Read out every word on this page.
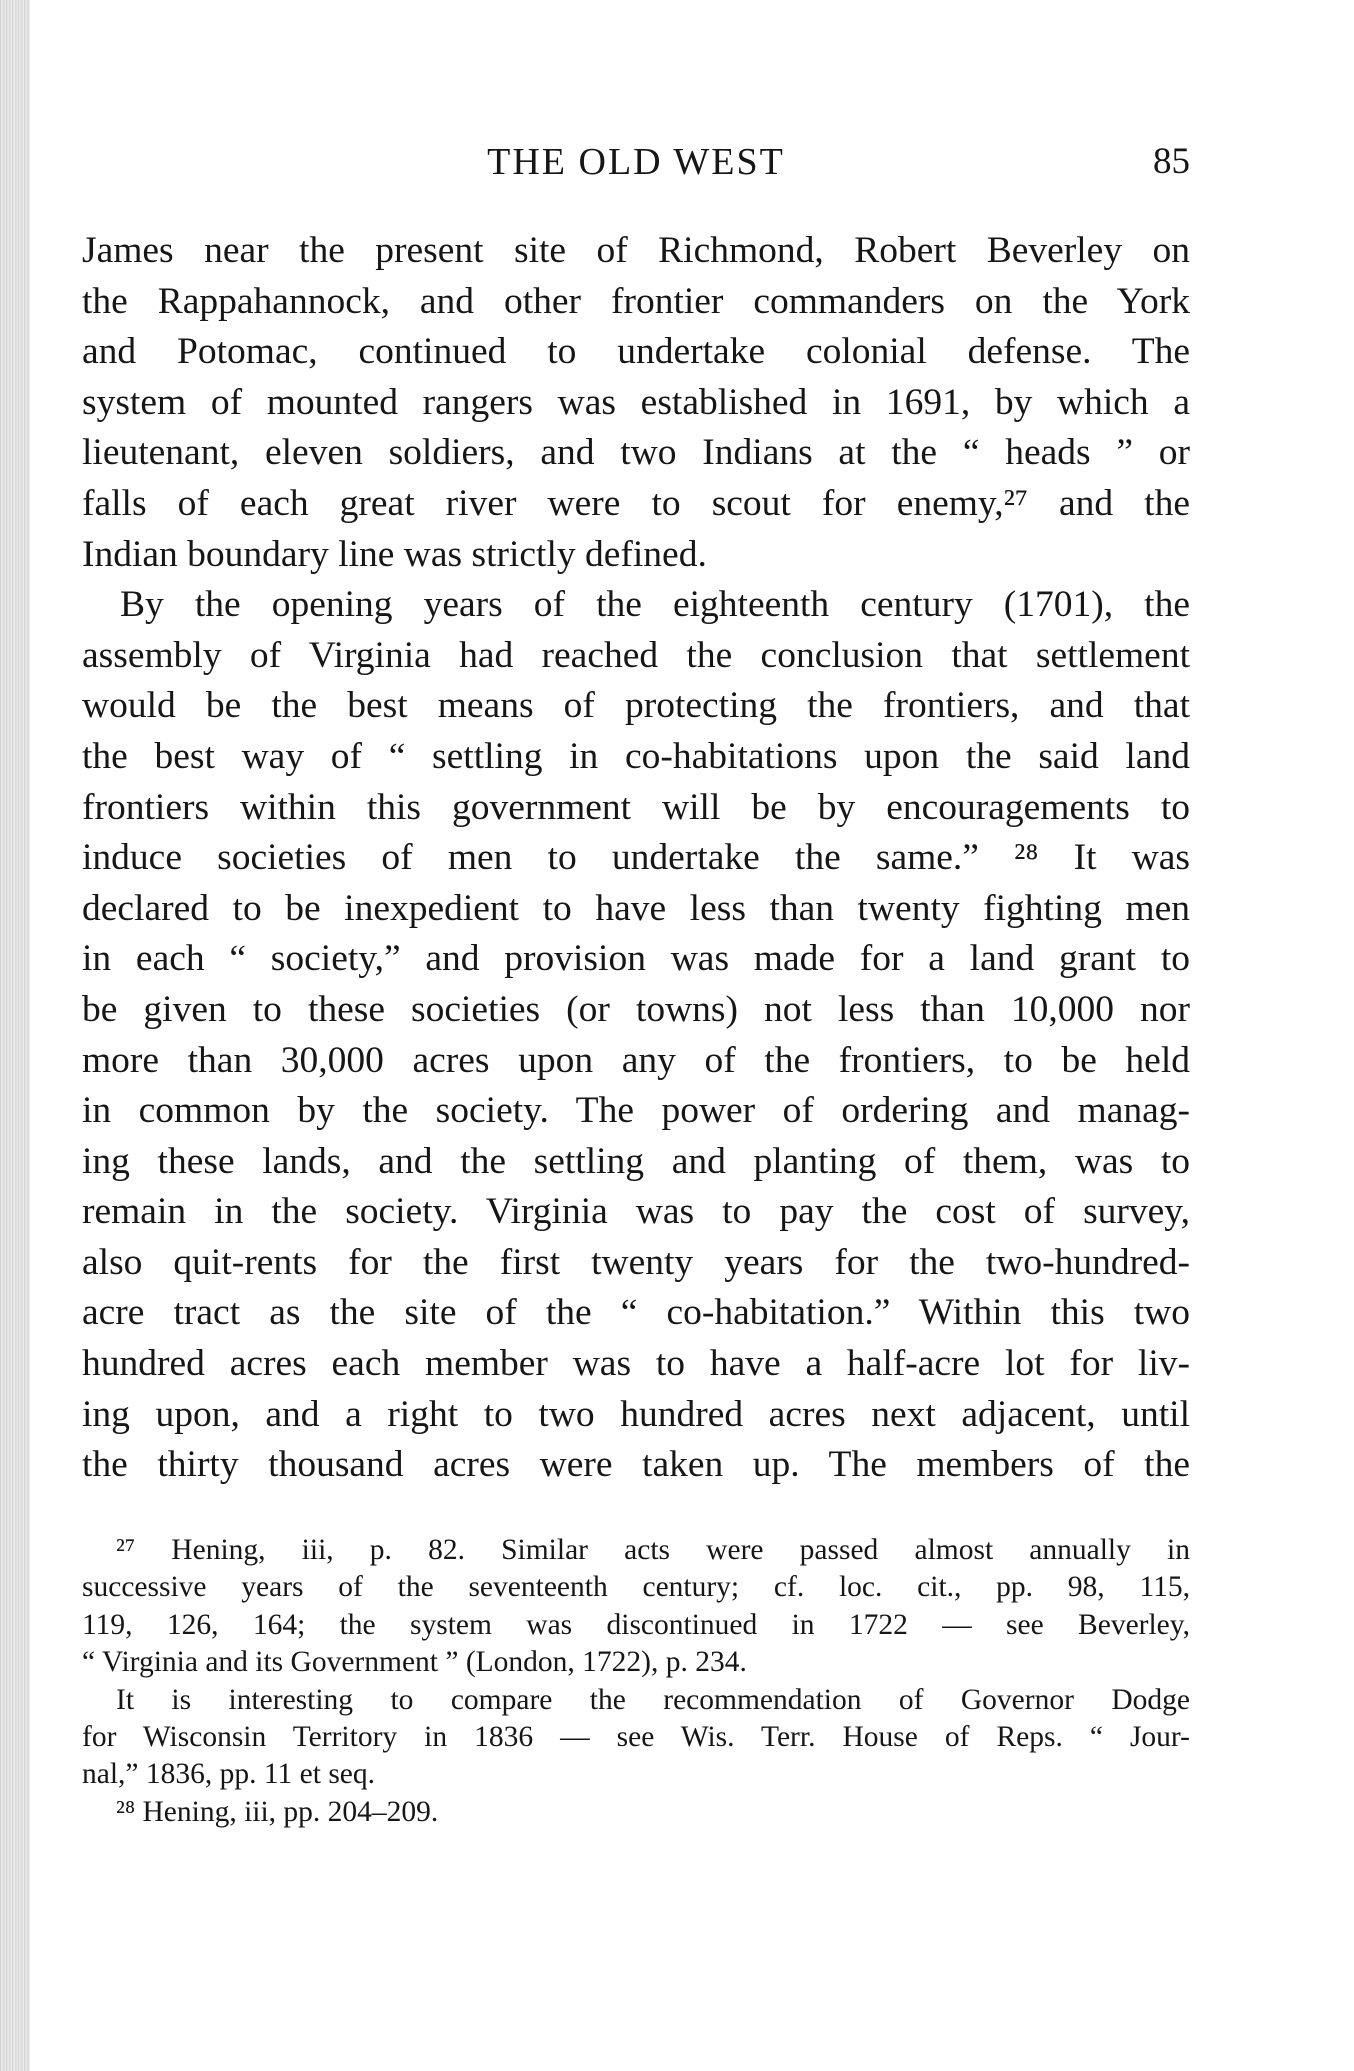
THE OLD WEST	85
James near the present site of Richmond, Robert Beverley on
the Rappahannock, and other frontier commanders on the York
and Potomac, continued to undertake colonial defense. The
system of mounted rangers was established in 1691, by which a
lieutenant, eleven soldiers, and two Indians at the “ heads ” or
falls of each great river were to scout for enemy,²⁷ and the
Indian boundary line was strictly defined.
By the opening years of the eighteenth century (1701), the
assembly of Virginia had reached the conclusion that settlement
would be the best means of protecting the frontiers, and that
the best way of “ settling in co-habitations upon the said land
frontiers within this government will be by encouragements to
induce societies of men to undertake the same.” ²⁸ It was
declared to be inexpedient to have less than twenty fighting men
in each “ society,” and provision was made for a land grant to
be given to these societies (or towns) not less than 10,000 nor
more than 30,000 acres upon any of the frontiers, to be held
in common by the society. The power of ordering and manag-
ing these lands, and the settling and planting of them, was to
remain in the society. Virginia was to pay the cost of survey,
also quit-rents for the first twenty years for the two-hundred-
acre tract as the site of the “ co-habitation.” Within this two
hundred acres each member was to have a half-acre lot for liv-
ing upon, and a right to two hundred acres next adjacent, until
the thirty thousand acres were taken up. The members of the
²⁷ Hening, iii, p. 82. Similar acts were passed almost annually in
successive years of the seventeenth century; cf. loc. cit., pp. 98, 115,
119, 126, 164; the system was discontinued in 1722 — see Beverley,
“ Virginia and its Government ” (London, 1722), p. 234.
It is interesting to compare the recommendation of Governor Dodge
for Wisconsin Territory in 1836 — see Wis. Terr. House of Reps. “ Jour-
nal,” 1836, pp. 11 et seq.
²⁸ Hening, iii, pp. 204–209.
